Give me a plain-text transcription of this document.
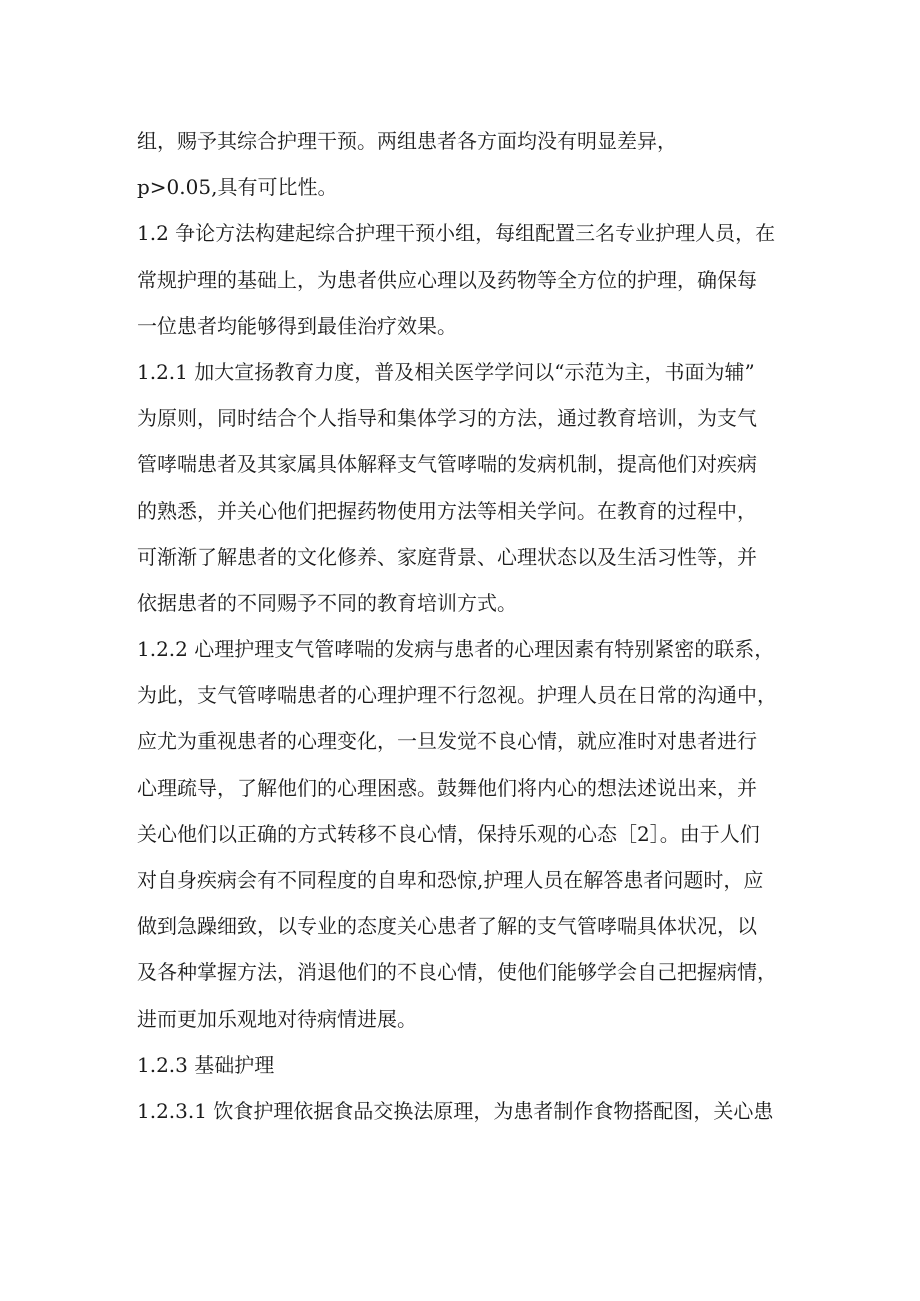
组，赐予其综合护理干预。两组患者各方面均没有明显差异，
p>0.05,具有可比性。
1.2 争论方法构建起综合护理干预小组，每组配置三名专业护理人员，在
常规护理的基础上，为患者供应心理以及药物等全方位的护理，确保每
一位患者均能够得到最佳治疗效果。
1.2.1 加大宣扬教育力度，普及相关医学学问以“示范为主，书面为辅”
为原则，同时结合个人指导和集体学习的方法，通过教育培训，为支气
管哮喘患者及其家属具体解释支气管哮喘的发病机制，提高他们对疾病
的熟悉，并关心他们把握药物使用方法等相关学问。在教育的过程中，
可渐渐了解患者的文化修养、家庭背景、心理状态以及生活习性等，并
依据患者的不同赐予不同的教育培训方式。
1.2.2 心理护理支气管哮喘的发病与患者的心理因素有特别紧密的联系，
为此，支气管哮喘患者的心理护理不行忽视。护理人员在日常的沟通中，
应尤为重视患者的心理变化，一旦发觉不良心情，就应准时对患者进行
心理疏导，了解他们的心理困惑。鼓舞他们将内心的想法述说出来，并
关心他们以正确的方式转移不良心情，保持乐观的心态［2］。由于人们
对自身疾病会有不同程度的自卑和恐惊,护理人员在解答患者问题时，应
做到急躁细致，以专业的态度关心患者了解的支气管哮喘具体状况，以
及各种掌握方法，消退他们的不良心情，使他们能够学会自己把握病情，
进而更加乐观地对待病情进展。
1.2.3 基础护理
1.2.3.1 饮食护理依据食品交换法原理，为患者制作食物搭配图，关心患
